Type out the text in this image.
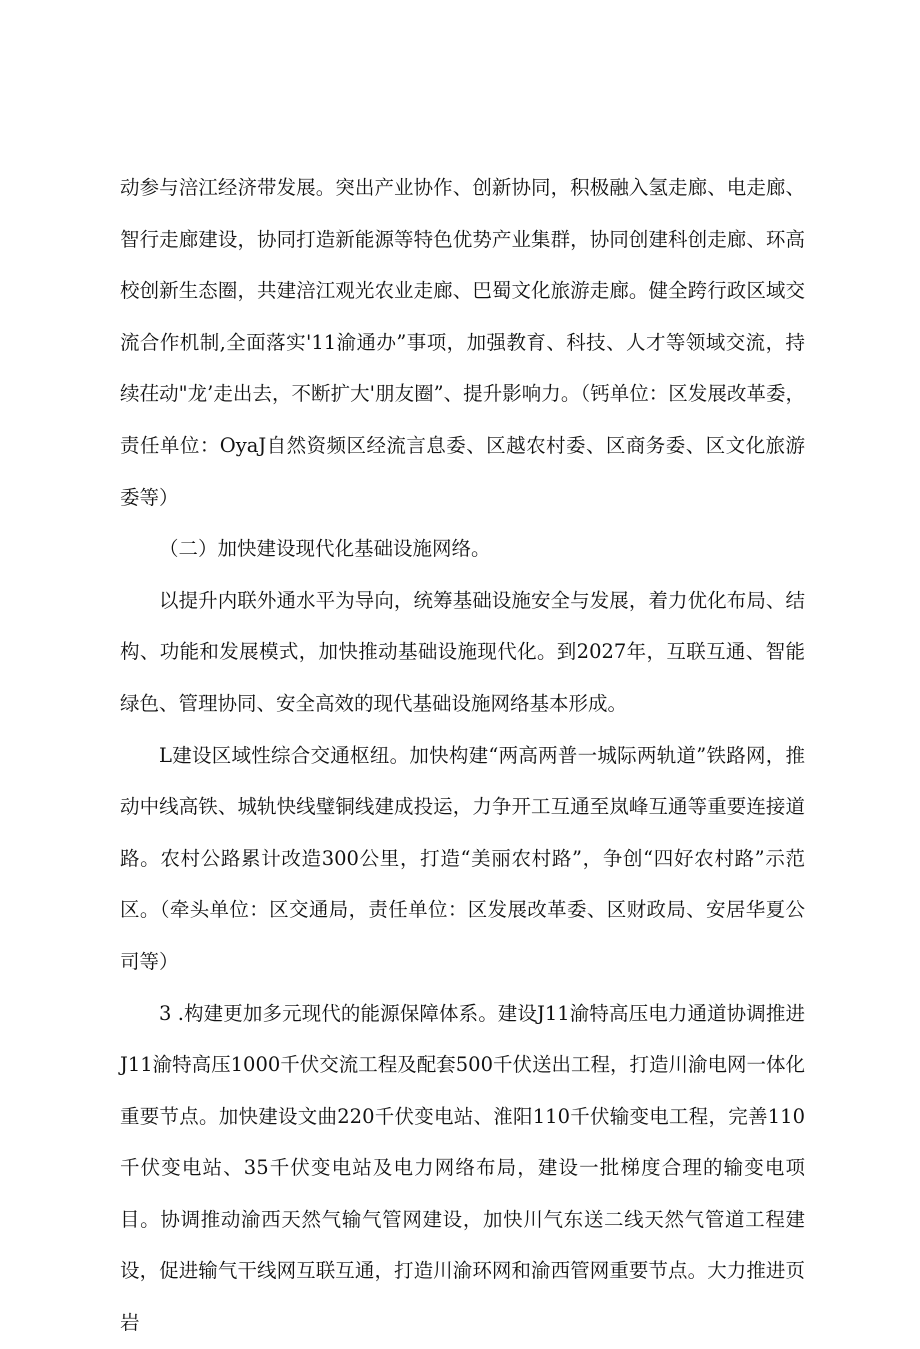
动参与涪江经济带发展。突出产业协作、创新协同，积极融入氢走廊、电走廊、智行走廊建设，协同打造新能源等特色优势产业集群，协同创建科创走廊、环高校创新生态圈，共建涪江观光农业走廊、巴蜀文化旅游走廊。健全跨行政区域交流合作机制,全面落实'11渝通办”事项，加强教育、科技、人才等领域交流，持续茌动"龙’走出去，不断扩大'朋友圈”、提升影响力。（钙单位：区发展改革委，责任单位：OyaJ自然资频区经流言息委、区越农村委、区商务委、区文化旅游委等）

（二）加快建设现代化基础设施网络。

以提升内联外通水平为导向，统筹基础设施安全与发展，着力优化布局、结构、功能和发展模式，加快推动基础设施现代化。到2027年，互联互通、智能绿色、管理协同、安全高效的现代基础设施网络基本形成。

L建设区域性综合交通枢纽。加快构建“两高两普一城际两轨道”铁路网，推动中线高铁、城轨快线璧铜线建成投运，力争开工互通至岚峰互通等重要连接道路。农村公路累计改造300公里，打造“美丽农村路”，争创“四好农村路”示范区。（牵头单位：区交通局，责任单位：区发展改革委、区财政局、安居华夏公司等）

3 .构建更加多元现代的能源保障体系。建设J11渝特高压电力通道协调推进J11渝特高压1000千伏交流工程及配套500千伏送出工程，打造川渝电网一体化重要节点。加快建设文曲220千伏变电站、淮阳110千伏输变电工程，完善110千伏变电站、35千伏变电站及电力网络布局，建设一批梯度合理的输变电项目。协调推动渝西天然气输气管网建设，加快川气东送二线天然气管道工程建设，促进输气干线网互联互通，打造川渝环网和渝西管网重要节点。大力推进页岩
